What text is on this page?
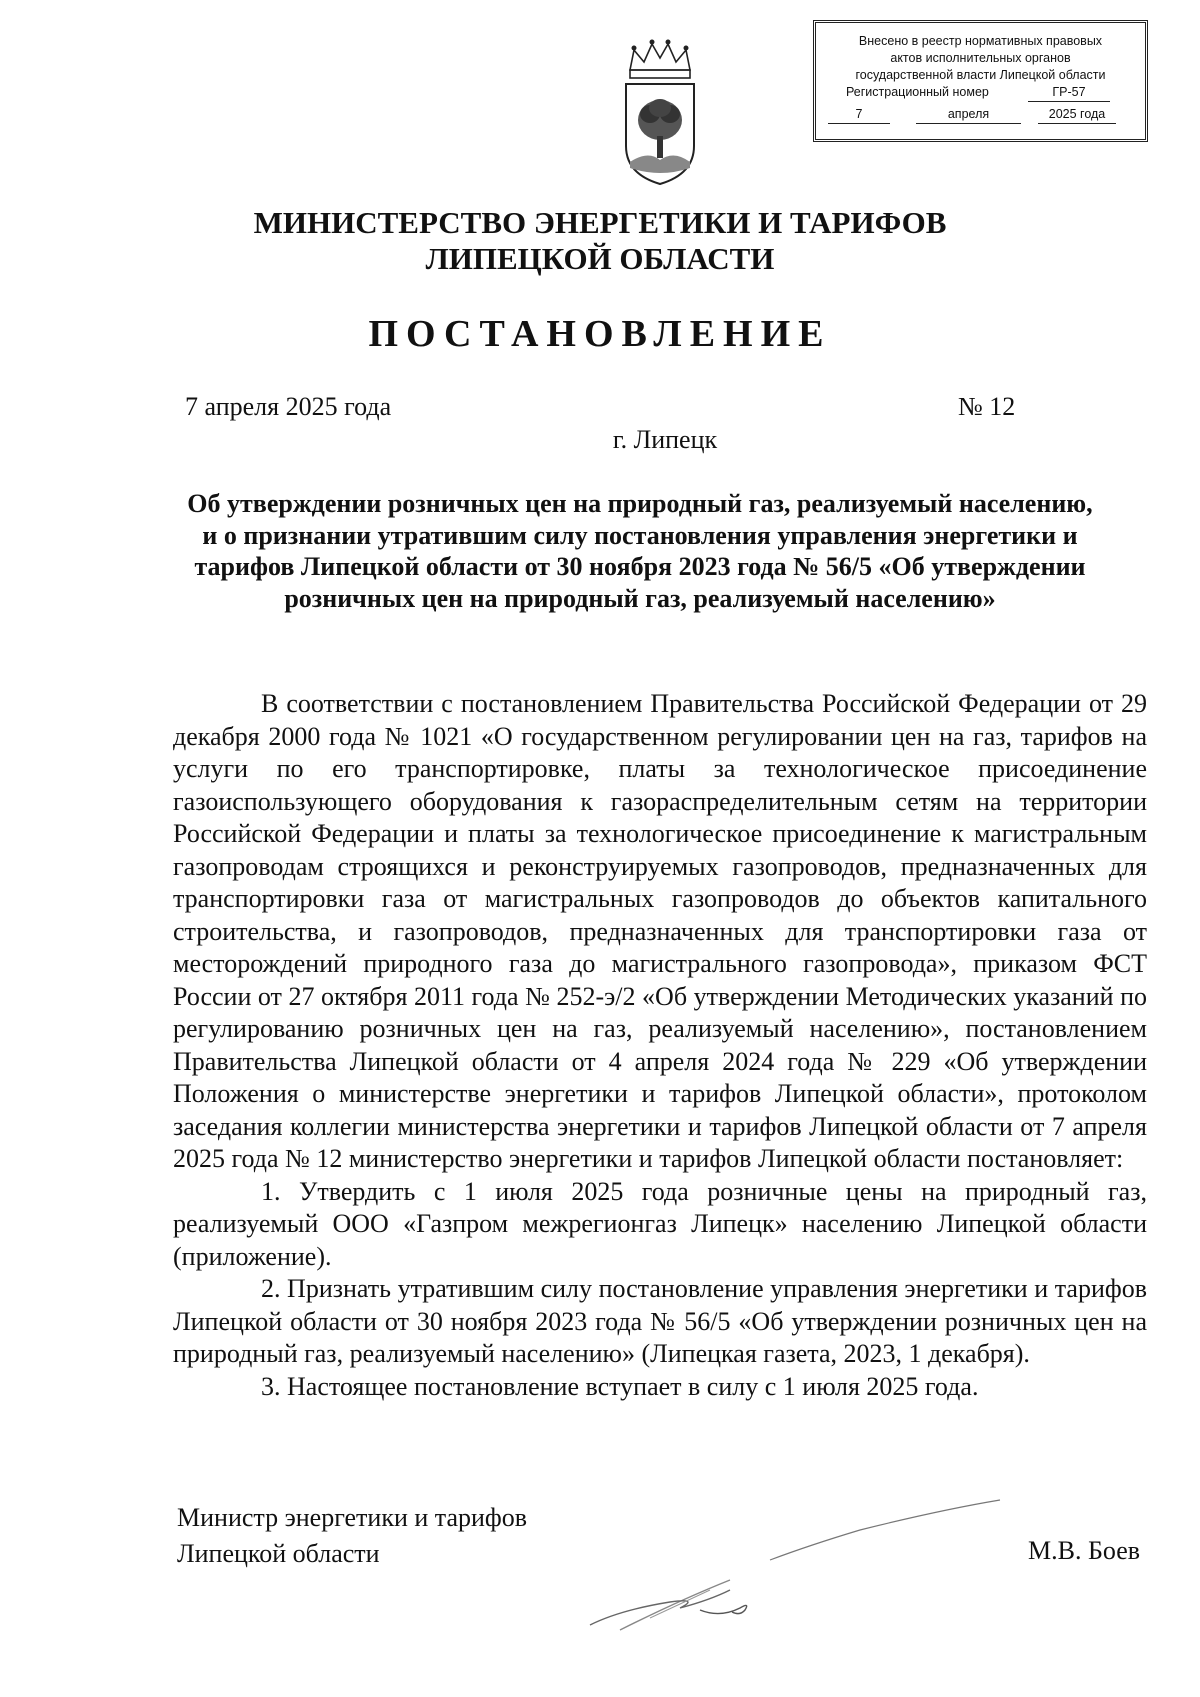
Внесено в реестр нормативных правовых
актов исполнительных органов
государственной власти Липецкой области
Регистрационный номер	ГР-57
7	апреля	2025 года
МИНИСТЕРСТВО ЭНЕРГЕТИКИ И ТАРИФОВ
ЛИПЕЦКОЙ ОБЛАСТИ
ПОСТАНОВЛЕНИЕ
7 апреля 2025 года	№ 12
г. Липецк
Об утверждении розничных цен на природный газ, реализуемый населению, и о признании утратившим силу постановления управления энергетики и тарифов Липецкой области от 30 ноября 2023 года № 56/5 «Об утверждении розничных цен на природный газ, реализуемый населению»

В соответствии с постановлением Правительства Российской Федерации от 29 декабря 2000 года № 1021 «О государственном регулировании цен на газ, тарифов на услуги по его транспортировке, платы за технологическое присоединение газоиспользующего оборудования к газораспределительным сетям на территории Российской Федерации и платы за технологическое присоединение к магистральным газопроводам строящихся и реконструируемых газопроводов, предназначенных для транспортировки газа от магистральных газопроводов до объектов капитального строительства, и газопроводов, предназначенных для транспортировки газа от месторождений природного газа до магистрального газопровода», приказом ФСТ России от 27 октября 2011 года № 252-э/2 «Об утверждении Методических указаний по регулированию розничных цен на газ, реализуемый населению», постановлением Правительства Липецкой области от 4 апреля 2024 года № 229 «Об утверждении Положения о министерстве энергетики и тарифов Липецкой области», протоколом заседания коллегии министерства энергетики и тарифов Липецкой области от 7 апреля 2025 года № 12 министерство энергетики и тарифов Липецкой области постановляет:

1. Утвердить с 1 июля 2025 года розничные цены на природный газ, реализуемый ООО «Газпром межрегионгаз Липецк» населению Липецкой области (приложение).

2. Признать утратившим силу постановление управления энергетики и тарифов Липецкой области от 30 ноября 2023 года № 56/5 «Об утверждении розничных цен на природный газ, реализуемый населению» (Липецкая газета, 2023, 1 декабря).

3. Настоящее постановление вступает в силу с 1 июля 2025 года.

Министр энергетики и тарифов
Липецкой области	М.В. Боев
